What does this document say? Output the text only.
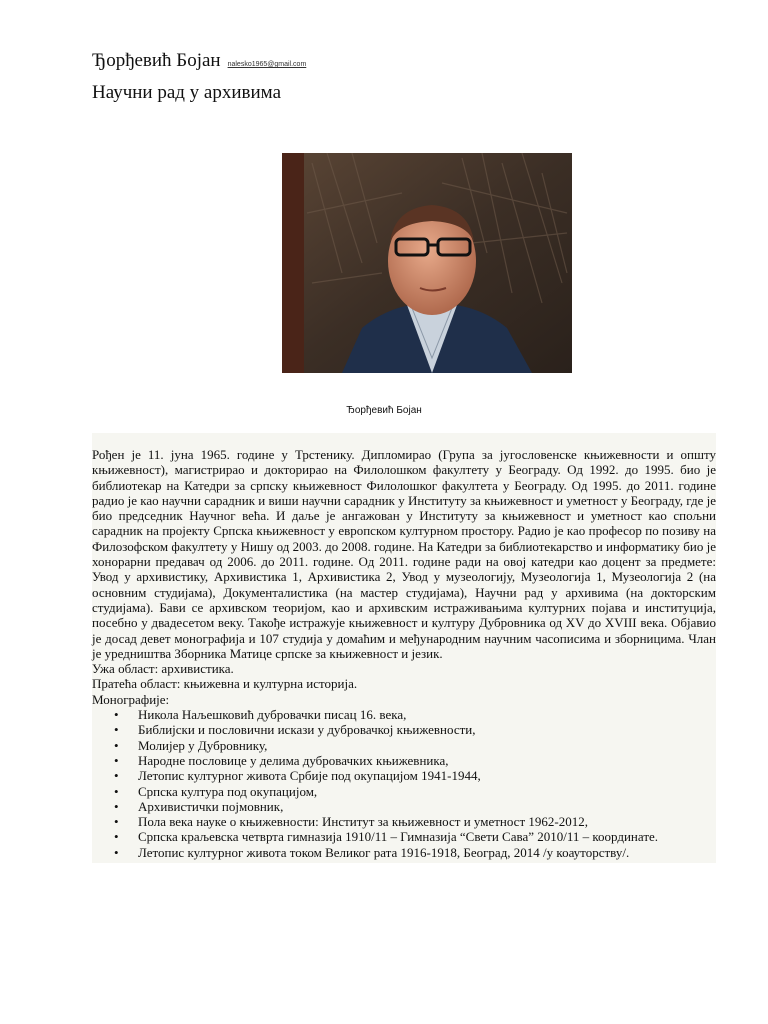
Ђорђевић Бојан nalesko1965@gmail.com
Научни рад у архивима
Ђорђевић Бојан

Рођен је 11. јуна 1965. године у Трстенику. Дипломирао (Група за југословенске књижевности и општу књижевност), магистрирао и докторирао на Филолошком факултету у Београду. Од 1992. до 1995. био је библиотекар на Катедри за српску књижевност Филолошког факултета у Београду. Од 1995. до 2011. године радио је као научни сарадник и виши научни сарадник у Институту за књижевност и уметност у Београду, где је био председник Научног већа. И даље је ангажован у Институту за књижевност и уметност као спољни сарадник на пројекту Српска књижевност у европском културном простору. Радио је као професор по позиву на Филозофском факултету у Нишу од 2003. до 2008. године. На Катедри за библиотекарство и информатику био је хонорарни предавач од 2006. до 2011. године. Од 2011. године ради на овој катедри као доцент за предмете: Увод у архивистику, Архивистика 1, Архивистика 2, Увод у музеологију, Музеологија 1, Музеологија 2 (на основним студијама), Документалистика (на мастер студијама), Научни рад у архивима (на докторским студијама). Бави се архивском теоријом, као и архивским истраживањима културних појава и институција, посебно у двадесетом веку. Такође истражује књижевност и културу Дубровника од XV до XVIII века. Објавио је досад девет монографија и 107 студија у домаћим и међународним научним часописима и зборницима. Члан је уредништва Зборника Матице српске за књижевност и језик.

Ужа област: архивистика.

Пратећа област: књижевна и културна историја.

Монографије:

• Никола Наљешковић дубровачки писац 16. века,
• Библијски и пословични искази у дубровачкој књижевности,
• Молијер у Дубровнику,
• Народне пословице у делима дубровачких књижевника,
• Летопис културног живота Србије под окупацијом 1941-1944,
• Српска култура под окупацијом,
• Архивистички појмовник,
• Пола века науке о књижевности: Институт за књижевност и уметност 1962-2012,
• Српска краљевска четврта гимназија 1910/11 – Гимназија “Свети Сава” 2010/11 – координате.
• Летопис културног живота током Великог рата 1916-1918, Београд, 2014 /у коауторству/.
